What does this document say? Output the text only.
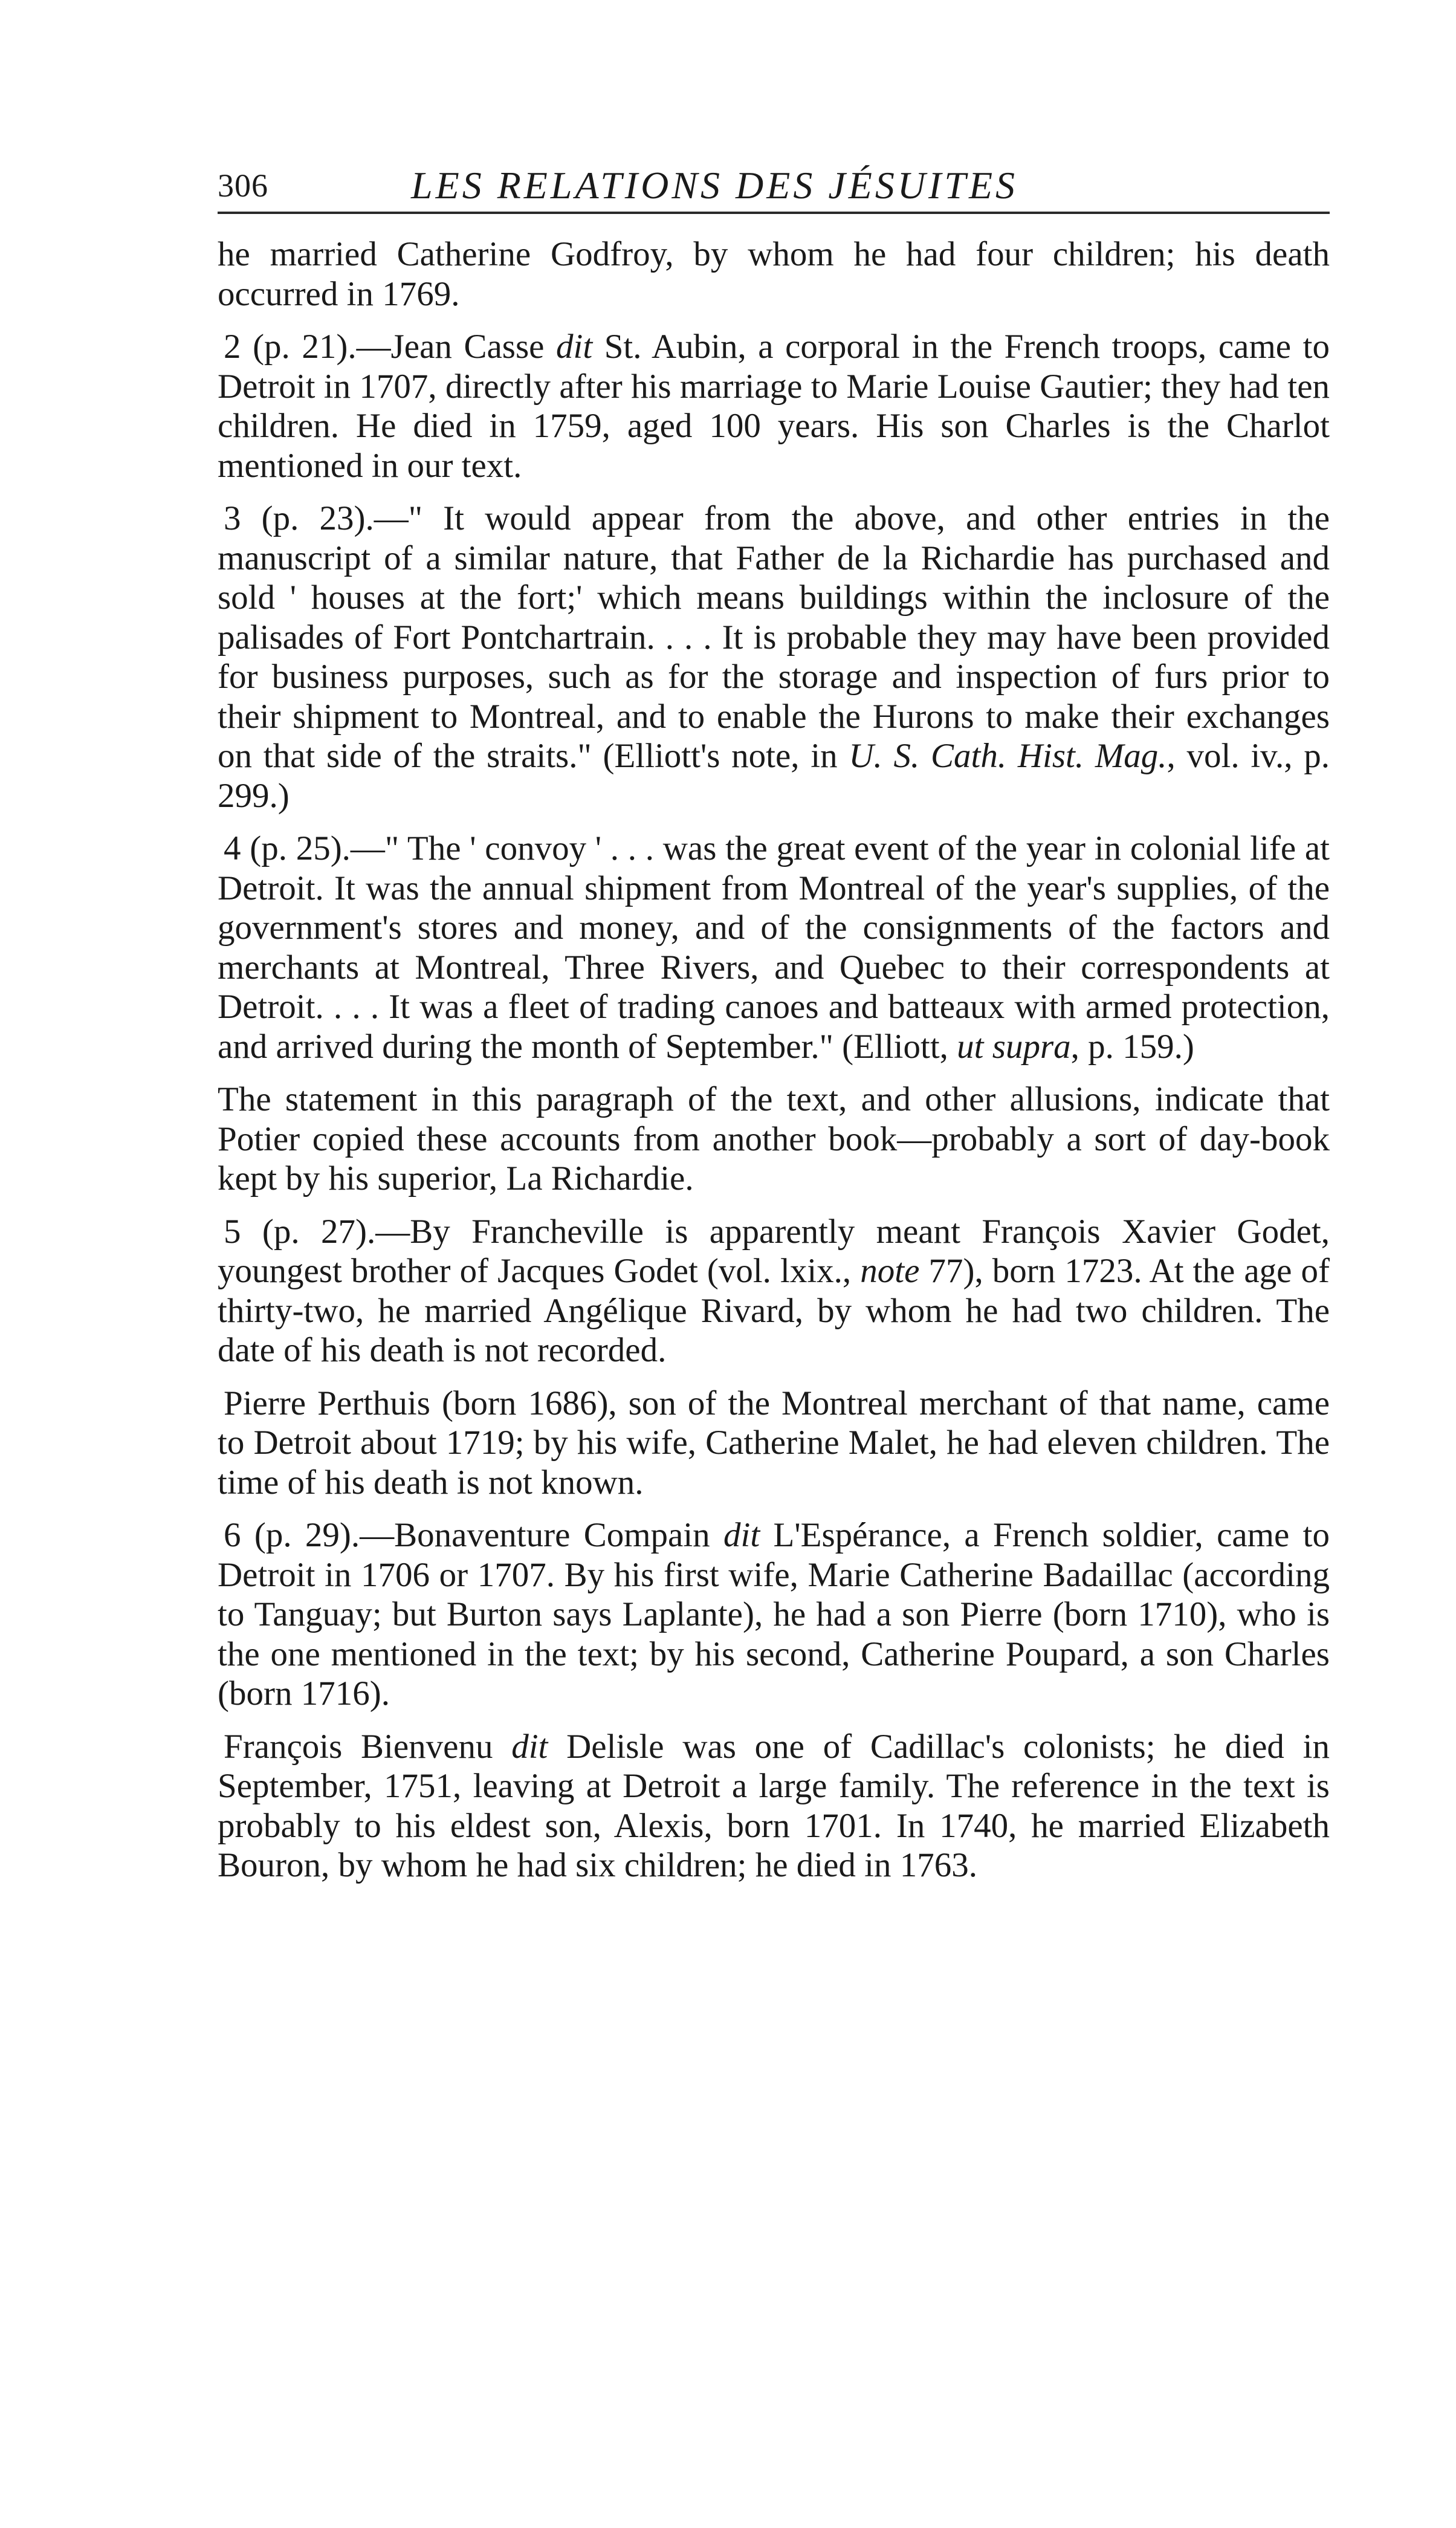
306	LES RELATIONS DES JÉSUITES

he married Catherine Godfroy, by whom he had four children; his death occurred in 1769.

2 (p. 21).—Jean Casse dit St. Aubin, a corporal in the French troops, came to Detroit in 1707, directly after his marriage to Marie Louise Gautier; they had ten children. He died in 1759, aged 100 years. His son Charles is the Charlot mentioned in our text.

3 (p. 23).—" It would appear from the above, and other entries in the manuscript of a similar nature, that Father de la Richardie has purchased and sold ' houses at the fort;' which means buildings within the inclosure of the palisades of Fort Pontchartrain. . . . It is probable they may have been provided for business purposes, such as for the storage and inspection of furs prior to their shipment to Montreal, and to enable the Hurons to make their exchanges on that side of the straits." (Elliott's note, in U. S. Cath. Hist. Mag., vol. iv., p. 299.)

4 (p. 25).—" The ' convoy ' . . . was the great event of the year in colonial life at Detroit. It was the annual shipment from Montreal of the year's supplies, of the government's stores and money, and of the consignments of the factors and merchants at Montreal, Three Rivers, and Quebec to their correspondents at Detroit. . . . It was a fleet of trading canoes and batteaux with armed protection, and arrived during the month of September." (Elliott, ut supra, p. 159.)

The statement in this paragraph of the text, and other allusions, indicate that Potier copied these accounts from another book—probably a sort of day-book kept by his superior, La Richardie.

5 (p. 27).—By Francheville is apparently meant François Xavier Godet, youngest brother of Jacques Godet (vol. lxix., note 77), born 1723. At the age of thirty-two, he married Angélique Rivard, by whom he had two children. The date of his death is not recorded.

Pierre Perthuis (born 1686), son of the Montreal merchant of that name, came to Detroit about 1719; by his wife, Catherine Malet, he had eleven children. The time of his death is not known.

6 (p. 29).—Bonaventure Compain dit L'Espérance, a French soldier, came to Detroit in 1706 or 1707. By his first wife, Marie Catherine Badaillac (according to Tanguay; but Burton says Laplante), he had a son Pierre (born 1710), who is the one mentioned in the text; by his second, Catherine Poupard, a son Charles (born 1716).

François Bienvenu dit Delisle was one of Cadillac's colonists; he died in September, 1751, leaving at Detroit a large family. The reference in the text is probably to his eldest son, Alexis, born 1701. In 1740, he married Elizabeth Bouron, by whom he had six children; he died in 1763.
